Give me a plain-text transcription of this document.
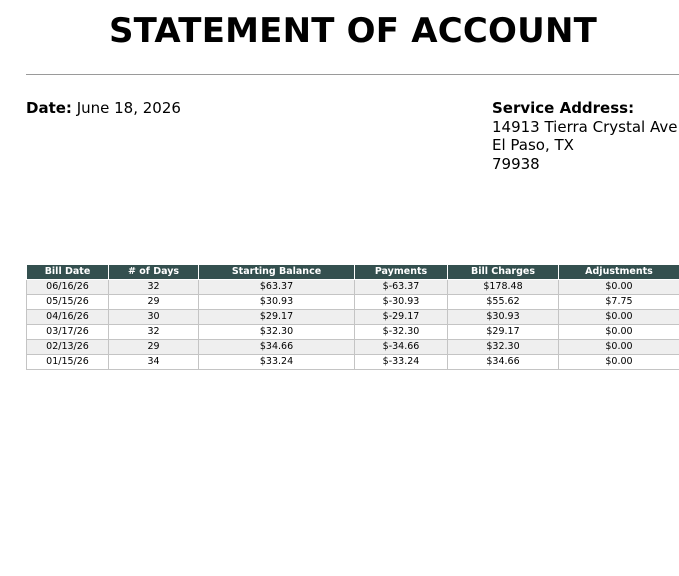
STATEMENT OF ACCOUNT
Date: June 18, 2026	Service Address:
14913 Tierra Crystal Ave
El Paso, TX
79938
Bill Date	# of Days	Starting Balance	Payments	Bill Charges	Adjustments
06/16/26	32	$63.37	$-63.37	$178.48	$0.00
05/15/26	29	$30.93	$-30.93	$55.62	$7.75
04/16/26	30	$29.17	$-29.17	$30.93	$0.00
03/17/26	32	$32.30	$-32.30	$29.17	$0.00
02/13/26	29	$34.66	$-34.66	$32.30	$0.00
01/15/26	34	$33.24	$-33.24	$34.66	$0.00
